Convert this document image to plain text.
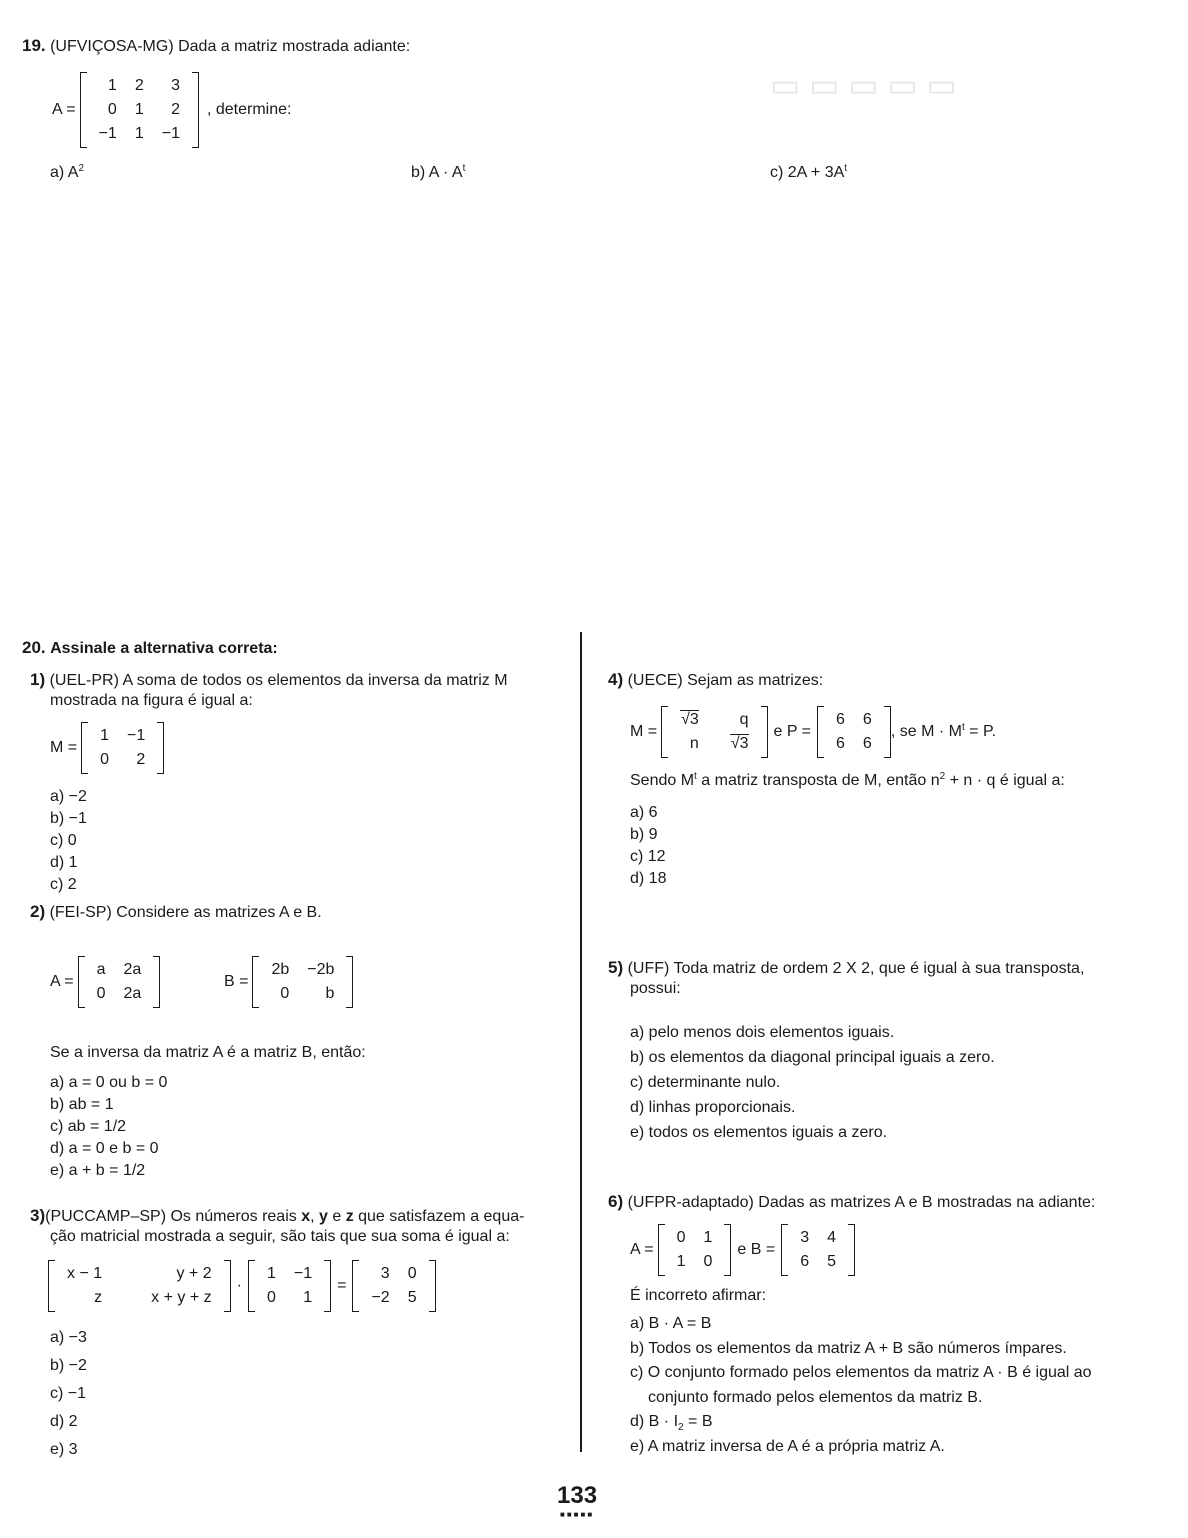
▭ ▭ ▭ ▭ ▭
19. (UFVIÇOSA-MG) Dada a matriz mostrada adiante:
A =
1	2	3
0	1	2
−1	1	−1
, determine:
a) $A^2$	b) $A \cdot A^t$	c) $2A + 3A^t$
20. Assinale a alternativa correta:
1) (UEL-PR) A soma de todos os elementos da inversa da matriz M
mostrada na figura é igual a:
M =
1	−1
0	2
a) −2
b) −1
c) 0
d) 1
c) 2
2) (FEI-SP) Considere as matrizes A e B.
A =
a	2a
0	2a
B =
2b	−2b
0	b
Se a inversa da matriz A é a matriz B, então:
a) a = 0 ou b = 0
b) ab = 1
c) ab = 1/2
d) a = 0 e b = 0
e) a + b = 1/2
3)(PUCCAMP–SP) Os números reais x, y e z que satisfazem a equa-
ção matricial mostrada a seguir, são tais que sua soma é igual a:
x − 1	y + 2
z	x + y + z
·
1	−1
0	1
=
3	0
−2	5
a) −3
b) −2
c) −1
d) 2
e) 3
4) (UECE) Sejam as matrizes:
M =
√3	q
n	√3
e P =
6	6
6	6
, se $M \cdot M^t = P$.
Sendo $M^t$ a matriz transposta de M, então $n^2 + n \cdot q$ é igual a:
a) 6
b) 9
c) 12
d) 18
5) (UFF) Toda matriz de ordem 2 X 2, que é igual à sua transposta,
possui:
a) pelo menos dois elementos iguais.
b) os elementos da diagonal principal iguais a zero.
c) determinante nulo.
d) linhas proporcionais.
e) todos os elementos iguais a zero.
6) (UFPR-adaptado) Dadas as matrizes A e B mostradas na adiante:
A =
0	1
1	0
e B =
3	4
6	5
É incorreto afirmar:
a) B · A = B
b) Todos os elementos da matriz A + B são números ímpares.
c) O conjunto formado pelos elementos da matriz A · B é igual ao
conjunto formado pelos elementos da matriz B.
d) $B \cdot I_2 = B$
e) A matriz inversa de A é a própria matriz A.
133
■■■■■
